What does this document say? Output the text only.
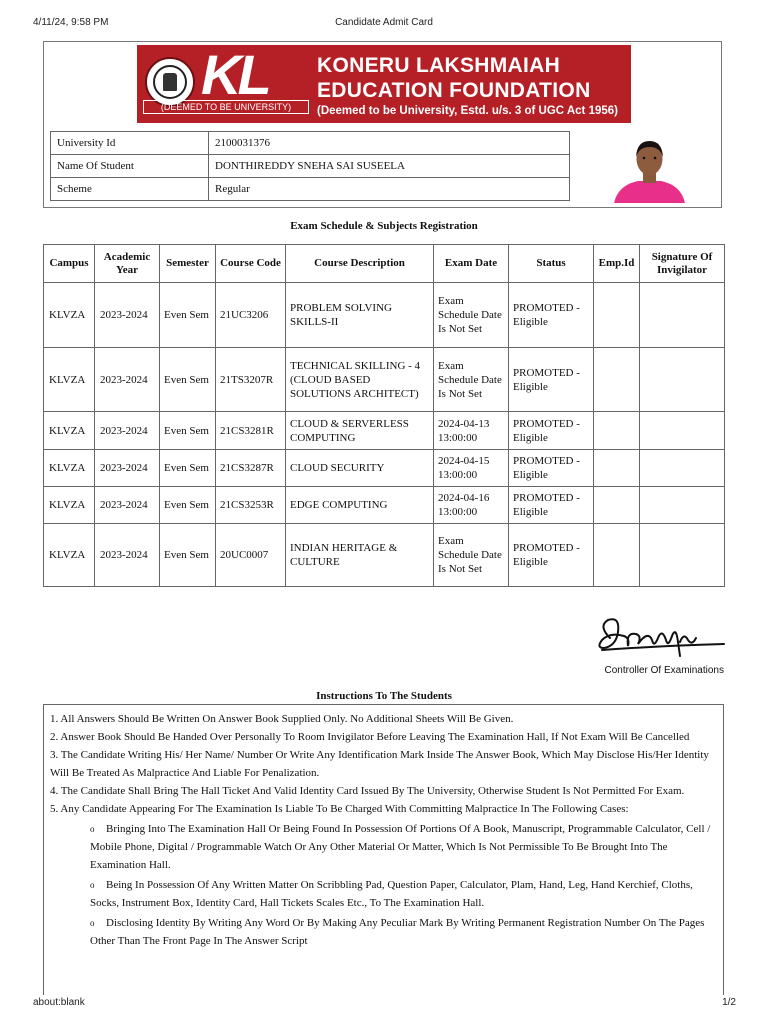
4/11/24, 9:58 PM	Candidate Admit Card
KL
(DEEMED TO BE UNIVERSITY)
KONERU LAKSHMAIAH
EDUCATION FOUNDATION
(Deemed to be University, Estd. u/s. 3 of UGC Act 1956)
University Id	2100031376
Name Of Student	DONTHIREDDY SNEHA SAI SUSEELA
Scheme	Regular
Exam Schedule & Subjects Registration
Campus	Academic Year	Semester	Course Code	Course Description	Exam Date	Status	Emp.Id	Signature Of Invigilator
KLVZA	2023-2024	Even Sem	21UC3206	PROBLEM SOLVING SKILLS-II	Exam Schedule Date Is Not Set	PROMOTED - Eligible		
KLVZA	2023-2024	Even Sem	21TS3207R	TECHNICAL SKILLING - 4 (CLOUD BASED SOLUTIONS ARCHITECT)	Exam Schedule Date Is Not Set	PROMOTED - Eligible		
KLVZA	2023-2024	Even Sem	21CS3281R	CLOUD & SERVERLESS COMPUTING	2024-04-13 13:00:00	PROMOTED - Eligible		
KLVZA	2023-2024	Even Sem	21CS3287R	CLOUD SECURITY	2024-04-15 13:00:00	PROMOTED - Eligible		
KLVZA	2023-2024	Even Sem	21CS3253R	EDGE COMPUTING	2024-04-16 13:00:00	PROMOTED - Eligible		
KLVZA	2023-2024	Even Sem	20UC0007	INDIAN HERITAGE & CULTURE	Exam Schedule Date Is Not Set	PROMOTED - Eligible		
Controller Of Examinations
Instructions To The Students

1. All Answers Should Be Written On Answer Book Supplied Only. No Additional Sheets Will Be Given.

2. Answer Book Should Be Handed Over Personally To Room Invigilator Before Leaving The Examination Hall, If Not Exam Will Be Cancelled

3. The Candidate Writing His/ Her Name/ Number Or Write Any Identification Mark Inside The Answer Book, Which May Disclose His/Her Identity Will Be Treated As Malpractice And Liable For Penalization.

4. The Candidate Shall Bring The Hall Ticket And Valid Identity Card Issued By The University, Otherwise Student Is Not Permitted For Exam.

5. Any Candidate Appearing For The Examination Is Liable To Be Charged With Committing Malpractice In The Following Cases:

o Bringing Into The Examination Hall Or Being Found In Possession Of Portions Of A Book, Manuscript, Programmable Calculator, Cell / Mobile Phone, Digital / Programmable Watch Or Any Other Material Or Matter, Which Is Not Permissible To Be Brought Into The Examination Hall.

o Being In Possession Of Any Written Matter On Scribbling Pad, Question Paper, Calculator, Plam, Hand, Leg, Hand Kerchief, Cloths, Socks, Instrument Box, Identity Card, Hall Tickets Scales Etc., To The Examination Hall.

o Disclosing Identity By Writing Any Word Or By Making Any Peculiar Mark By Writing Permanent Registration Number On The Pages Other Than The Front Page In The Answer Script

about:blank	1/2
